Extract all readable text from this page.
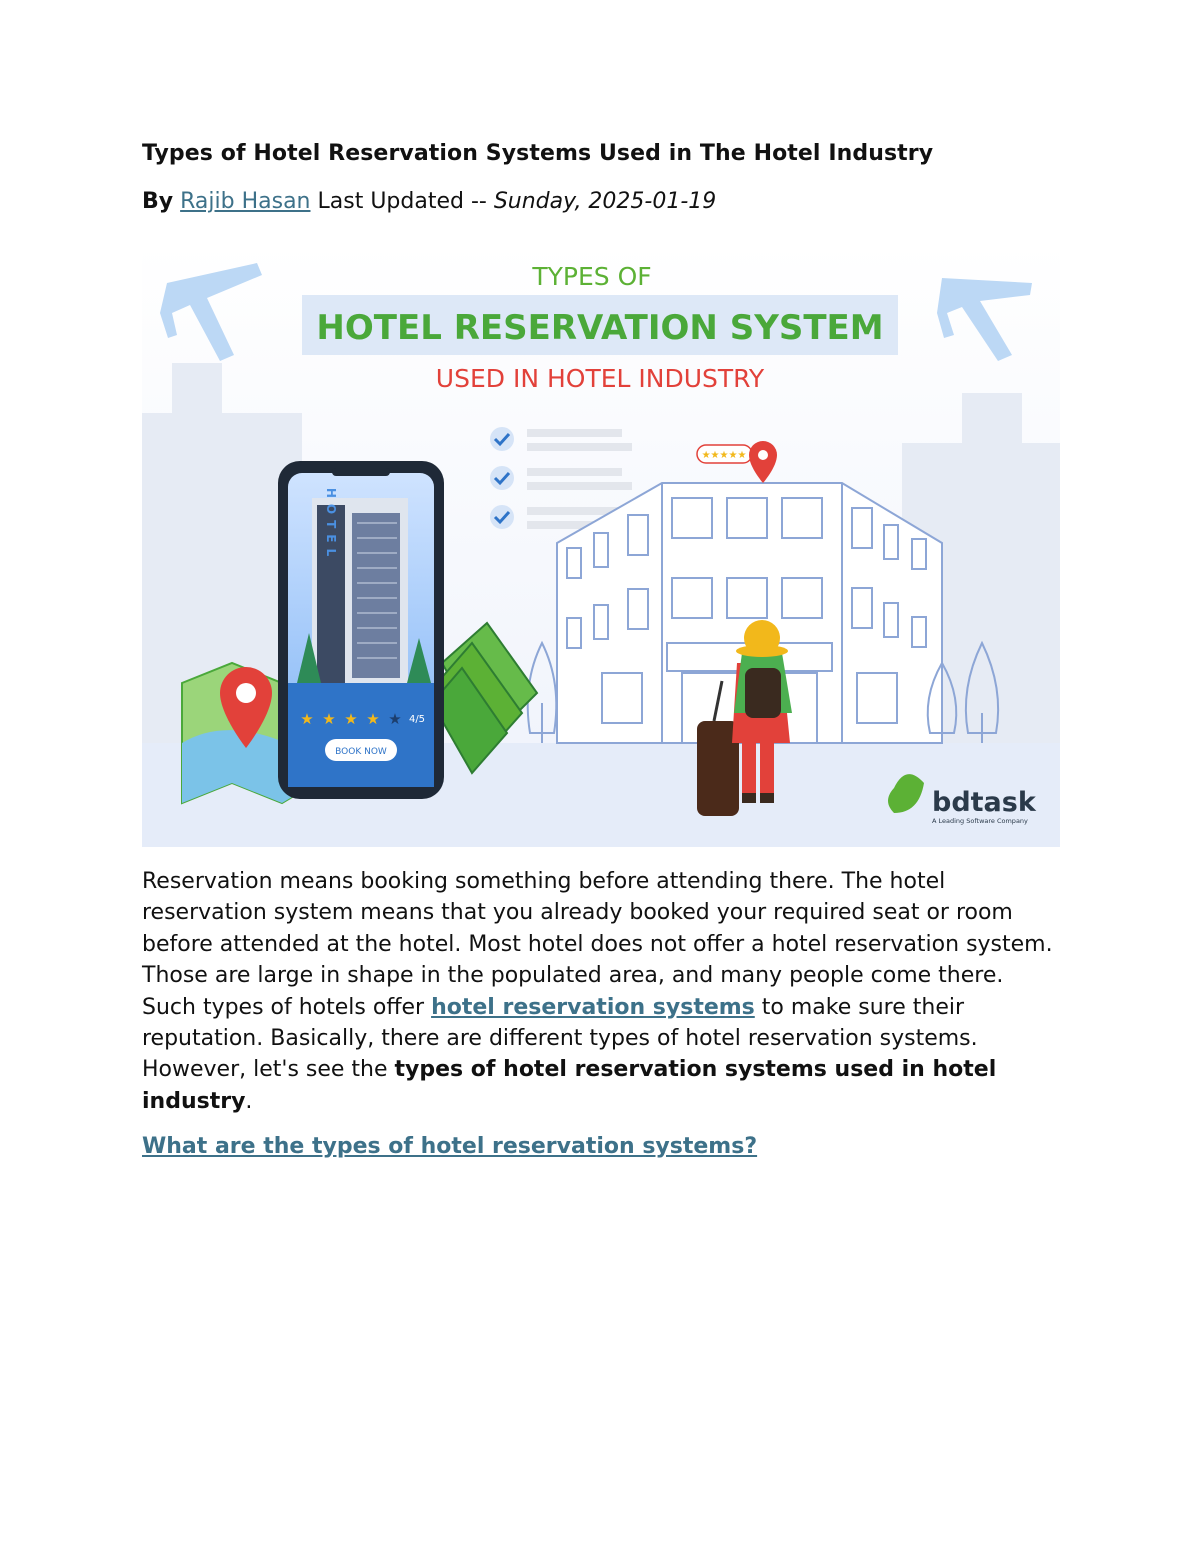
Types of Hotel Reservation Systems Used in The Hotel Industry
By Rajib Hasan Last Updated -- Sunday, 2025-01-19
TYPES OF
HOTEL RESERVATION SYSTEM
USED IN HOTEL INDUSTRY
★★★★★
HOTEL
★ ★ ★ ★ ★ 4/5
BOOK NOW
bdtask
A Leading Software Company
Reservation means booking something before attending there. The hotel reservation system means that you already booked your required seat or room before attended at the hotel. Most hotel does not offer a hotel reservation system. Those are large in shape in the populated area, and many people come there. Such types of hotels offer hotel reservation systems to make sure their reputation. Basically, there are different types of hotel reservation systems. However, let's see the types of hotel reservation systems used in hotel industry.
What are the types of hotel reservation systems?
